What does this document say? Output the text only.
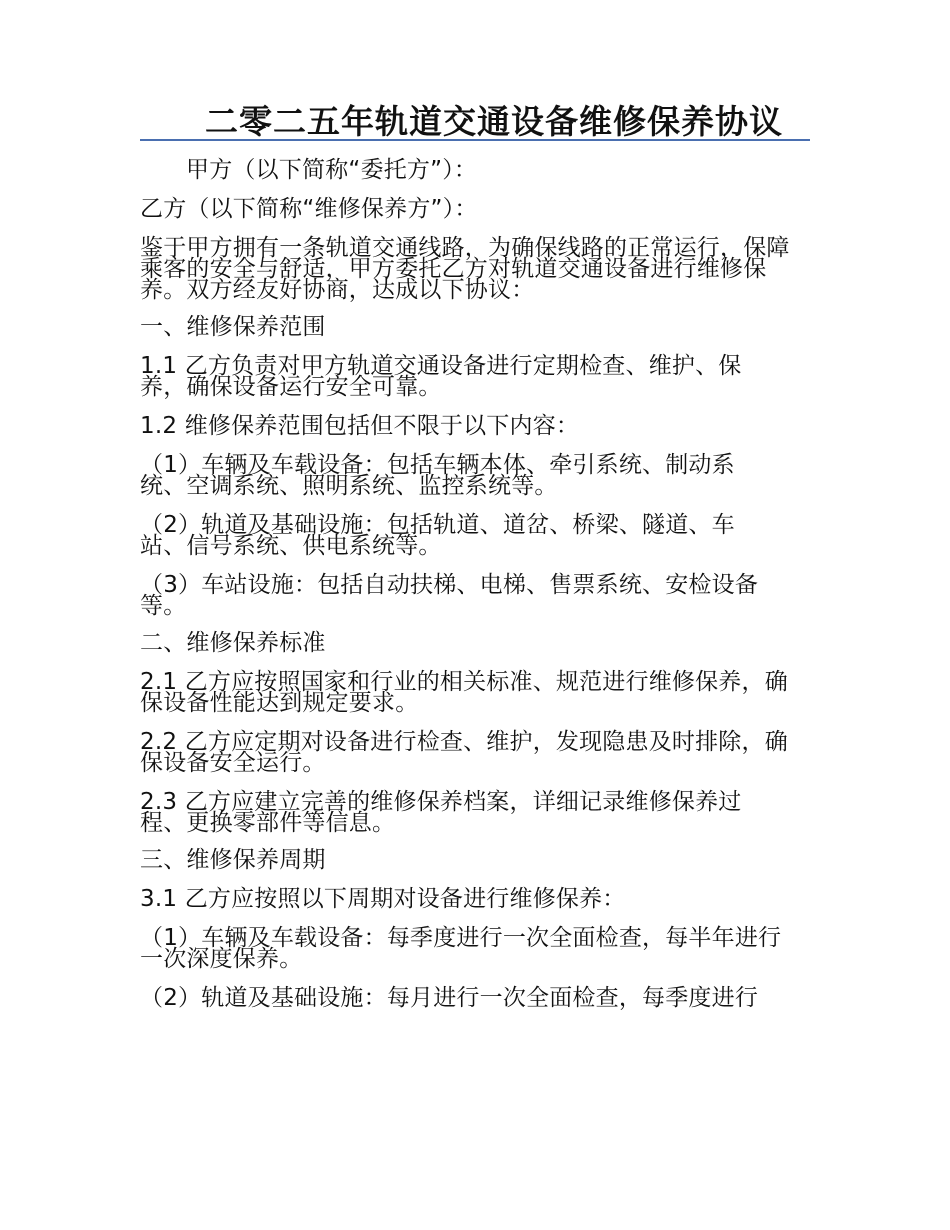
二零二五年轨道交通设备维修保养协议

甲方（以下简称“委托方”）：

乙方（以下简称“维修保养方”）：

鉴于甲方拥有一条轨道交通线路，为确保线路的正常运行，保障乘客的安全与舒适，甲方委托乙方对轨道交通设备进行维修保养。双方经友好协商，达成以下协议：

一、维修保养范围

1.1 乙方负责对甲方轨道交通设备进行定期检查、维护、保养，确保设备运行安全可靠。

1.2 维修保养范围包括但不限于以下内容：

（1）车辆及车载设备：包括车辆本体、牵引系统、制动系统、空调系统、照明系统、监控系统等。

（2）轨道及基础设施：包括轨道、道岔、桥梁、隧道、车站、信号系统、供电系统等。

（3）车站设施：包括自动扶梯、电梯、售票系统、安检设备等。

二、维修保养标准

2.1 乙方应按照国家和行业的相关标准、规范进行维修保养，确保设备性能达到规定要求。

2.2 乙方应定期对设备进行检查、维护，发现隐患及时排除，确保设备安全运行。

2.3 乙方应建立完善的维修保养档案，详细记录维修保养过程、更换零部件等信息。

三、维修保养周期

3.1 乙方应按照以下周期对设备进行维修保养：

（1）车辆及车载设备：每季度进行一次全面检查，每半年进行一次深度保养。

（2）轨道及基础设施：每月进行一次全面检查，每季度进行
